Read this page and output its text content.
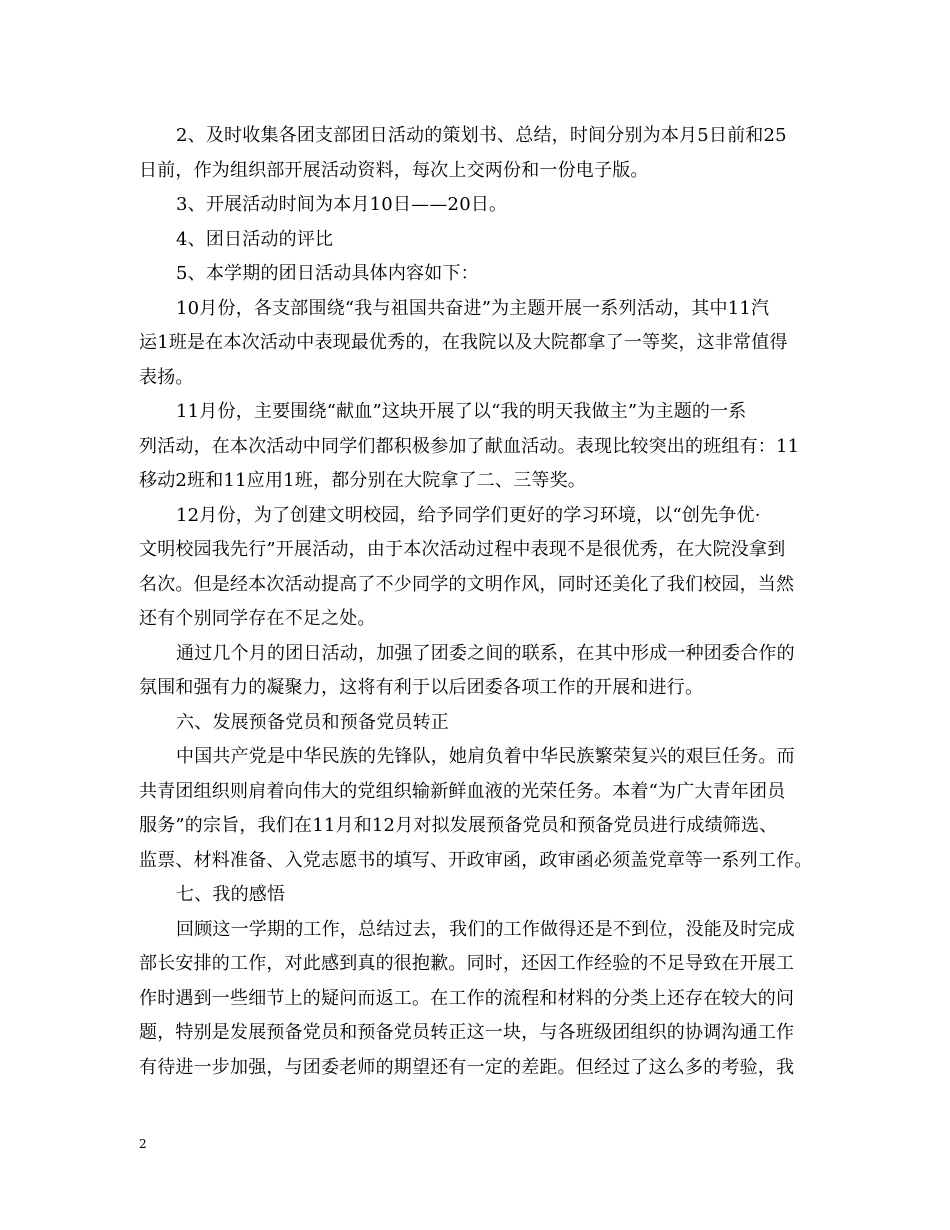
2、及时收集各团支部团日活动的策划书、总结，时间分别为本月5日前和25
日前，作为组织部开展活动资料，每次上交两份和一份电子版。
3、开展活动时间为本月10日——20日。
4、团日活动的评比
5、本学期的团日活动具体内容如下：
10月份，各支部围绕“我与祖国共奋进”为主题开展一系列活动，其中11汽
运1班是在本次活动中表现最优秀的，在我院以及大院都拿了一等奖，这非常值得
表扬。
11月份，主要围绕“献血”这块开展了以“我的明天我做主”为主题的一系
列活动，在本次活动中同学们都积极参加了献血活动。表现比较突出的班组有：11
移动2班和11应用1班，都分别在大院拿了二、三等奖。
12月份，为了创建文明校园，给予同学们更好的学习环境，以“创先争优·
文明校园我先行”开展活动，由于本次活动过程中表现不是很优秀，在大院没拿到
名次。但是经本次活动提高了不少同学的文明作风，同时还美化了我们校园，当然
还有个别同学存在不足之处。
通过几个月的团日活动，加强了团委之间的联系，在其中形成一种团委合作的
氛围和强有力的凝聚力，这将有利于以后团委各项工作的开展和进行。
六、发展预备党员和预备党员转正
中国共产党是中华民族的先锋队，她肩负着中华民族繁荣复兴的艰巨任务。而
共青团组织则肩着向伟大的党组织输新鲜血液的光荣任务。本着“为广大青年团员
服务”的宗旨，我们在11月和12月对拟发展预备党员和预备党员进行成绩筛选、
监票、材料准备、入党志愿书的填写、开政审函，政审函必须盖党章等一系列工作。
七、我的感悟
回顾这一学期的工作，总结过去，我们的工作做得还是不到位，没能及时完成
部长安排的工作，对此感到真的很抱歉。同时，还因工作经验的不足导致在开展工
作时遇到一些细节上的疑问而返工。在工作的流程和材料的分类上还存在较大的问
题，特别是发展预备党员和预备党员转正这一块，与各班级团组织的协调沟通工作
有待进一步加强，与团委老师的期望还有一定的差距。但经过了这么多的考验，我
2
